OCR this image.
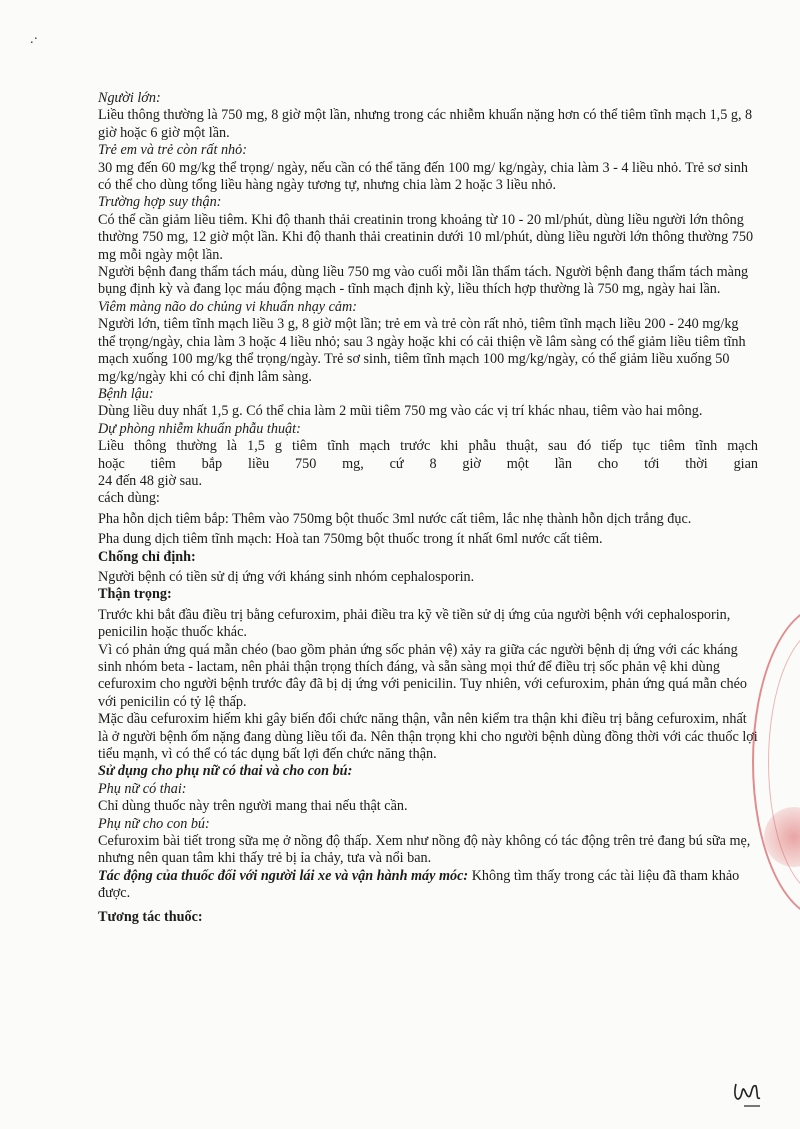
.·

Người lớn:

Liều thông thường là 750 mg, 8 giờ một lần, nhưng trong các nhiễm khuẩn nặng hơn có thể tiêm tĩnh mạch 1,5 g, 8 giờ hoặc 6 giờ một lần.

Trẻ em và trẻ còn rất nhỏ:

30 mg đến 60 mg/kg thể trọng/ ngày, nếu cần có thể tăng đến 100 mg/ kg/ngày, chia làm 3 - 4 liều nhỏ. Trẻ sơ sinh có thể cho dùng tổng liều hàng ngày tương tự, nhưng chia làm 2 hoặc 3 liều nhỏ.

Trường hợp suy thận:

Có thể cần giảm liều tiêm. Khi độ thanh thải creatinin trong khoảng từ 10 - 20 ml/phút, dùng liều người lớn thông thường 750 mg, 12 giờ một lần. Khi độ thanh thải creatinin dưới 10 ml/phút, dùng liều người lớn thông thường 750 mg mỗi ngày một lần.

Người bệnh đang thẩm tách máu, dùng liều 750 mg vào cuối mỗi lần thẩm tách. Người bệnh đang thẩm tách màng bụng định kỳ và đang lọc máu động mạch - tĩnh mạch định kỳ, liều thích hợp thường là 750 mg, ngày hai lần.

Viêm màng não do chủng vi khuẩn nhạy cảm:

Người lớn, tiêm tĩnh mạch liều 3 g, 8 giờ một lần; trẻ em và trẻ còn rất nhỏ, tiêm tĩnh mạch liều 200 - 240 mg/kg thể trọng/ngày, chia làm 3 hoặc 4 liều nhỏ; sau 3 ngày hoặc khi có cải thiện về lâm sàng có thể giảm liều tiêm tĩnh mạch xuống 100 mg/kg thể trọng/ngày. Trẻ sơ sinh, tiêm tĩnh mạch 100 mg/kg/ngày, có thể giảm liều xuống 50 mg/kg/ngày khi có chỉ định lâm sàng.

Bệnh lậu:

Dùng liều duy nhất 1,5 g. Có thể chia làm 2 mũi tiêm 750 mg vào các vị trí khác nhau, tiêm vào hai mông.

Dự phòng nhiễm khuẩn phẫu thuật:

Liều thông thường là 1,5 g tiêm tĩnh mạch trước khi phẫu thuật, sau đó tiếp tục tiêm tĩnh mạch

hoặc tiêm bắp liều 750 mg, cứ 8 giờ một lần cho tới thời gian

24 đến 48 giờ sau.

cách dùng:

Pha hỗn dịch tiêm bắp: Thêm vào 750mg bột thuốc 3ml nước cất tiêm, lắc nhẹ thành hỗn dịch trắng đục.

Pha dung dịch tiêm tĩnh mạch: Hoà tan 750mg bột thuốc trong ít nhất 6ml nước cất tiêm.

Chống chỉ định:

Người bệnh có tiền sử dị ứng với kháng sinh nhóm cephalosporin.

Thận trọng:

Trước khi bắt đầu điều trị bằng cefuroxim, phải điều tra kỹ về tiền sử dị ứng của người bệnh với cephalosporin, penicilin hoặc thuốc khác.

Vì có phản ứng quá mẫn chéo (bao gồm phản ứng sốc phản vệ) xảy ra giữa các người bệnh dị ứng với các kháng sinh nhóm beta - lactam, nên phải thận trọng thích đáng, và sẵn sàng mọi thứ để điều trị sốc phản vệ khi dùng cefuroxim cho người bệnh trước đây đã bị dị ứng với penicilin. Tuy nhiên, với cefuroxim, phản ứng quá mẫn chéo với penicilin có tỷ lệ thấp.

Mặc dầu cefuroxim hiếm khi gây biến đổi chức năng thận, vẫn nên kiểm tra thận khi điều trị bằng cefuroxim, nhất là ở người bệnh ốm nặng đang dùng liều tối đa. Nên thận trọng khi cho người bệnh dùng đồng thời với các thuốc lợi tiểu mạnh, vì có thể có tác dụng bất lợi đến chức năng thận.

Sử dụng cho phụ nữ có thai và cho con bú:

Phụ nữ có thai:

Chỉ dùng thuốc này trên người mang thai nếu thật cần.

Phụ nữ cho con bú:

Cefuroxim bài tiết trong sữa mẹ ở nồng độ thấp. Xem như nồng độ này không có tác động trên trẻ đang bú sữa mẹ, nhưng nên quan tâm khi thấy trẻ bị ỉa chảy, tưa và nổi ban.

Tác động của thuốc đối với người lái xe và vận hành máy móc: Không tìm thấy trong các tài liệu đã tham khảo được.

Tương tác thuốc:
